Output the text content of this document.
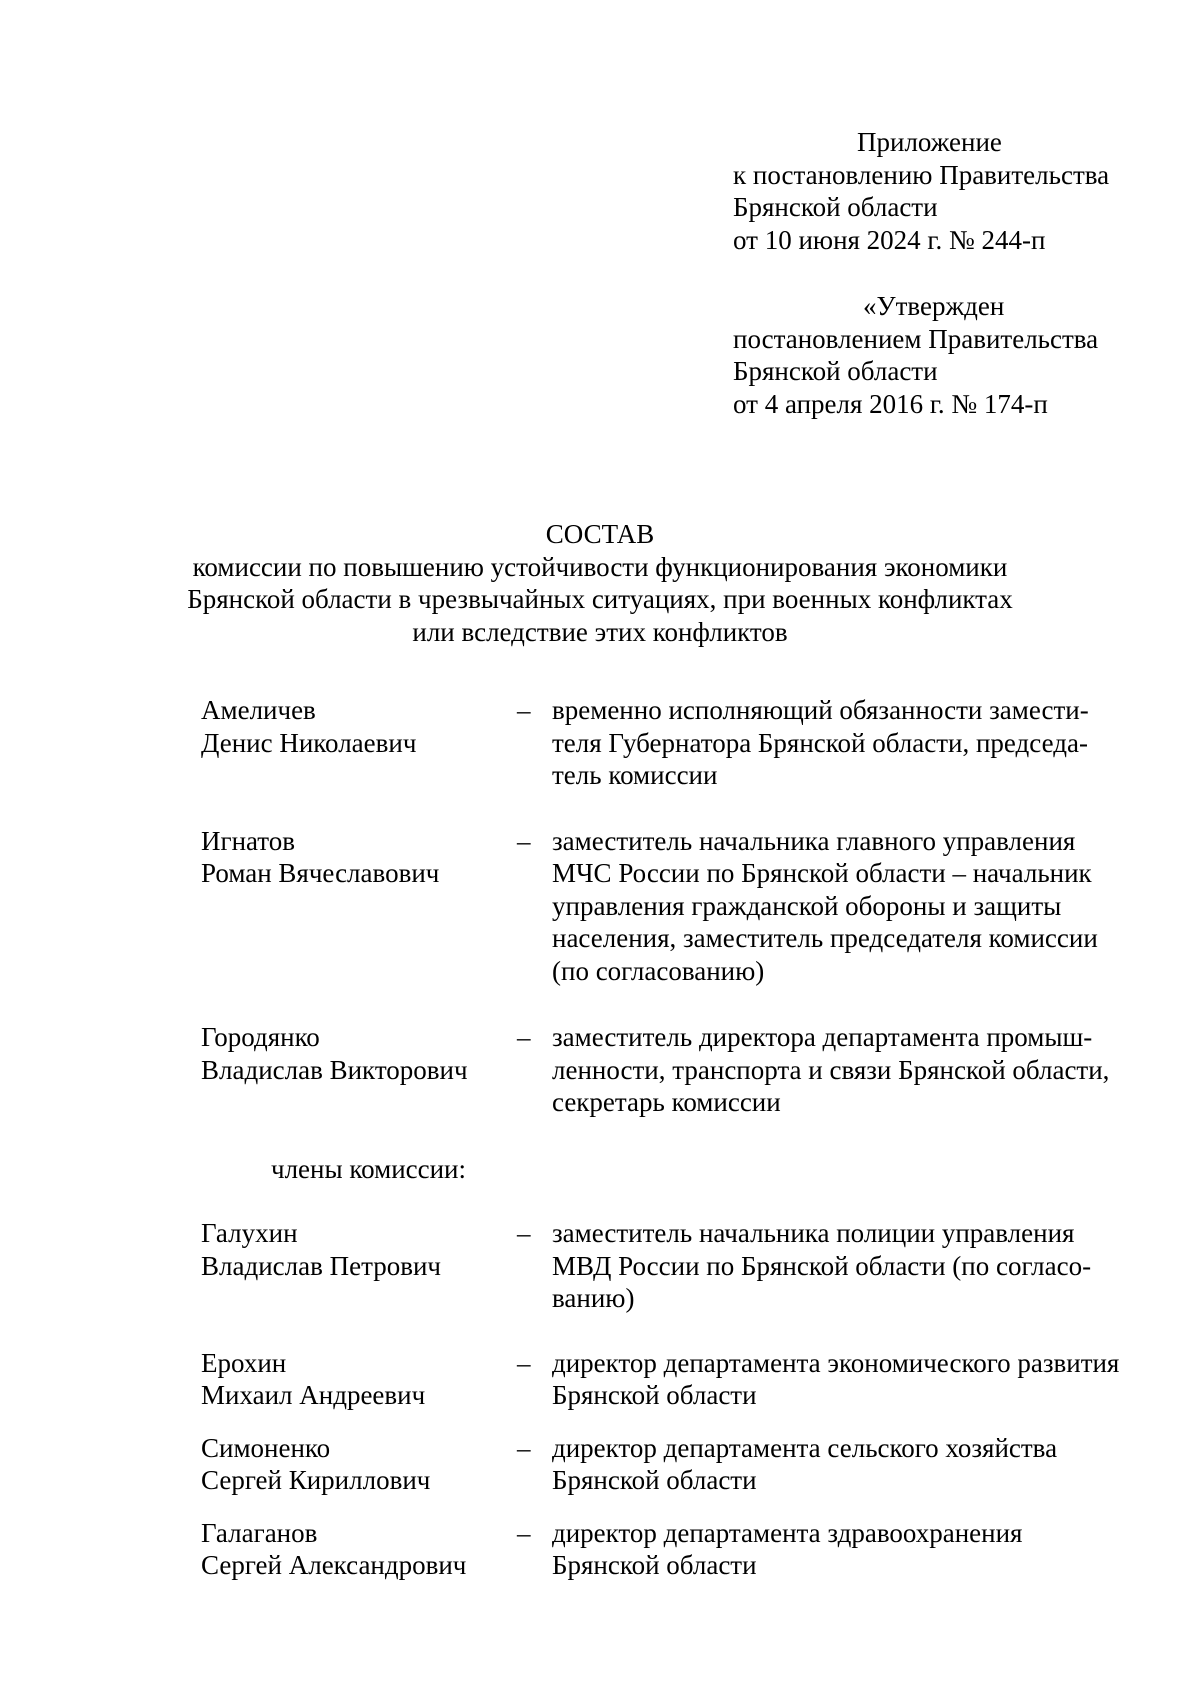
Приложение
к постановлению Правительства
Брянской области
от 10 июня 2024 г. № 244-п
«Утвержден
постановлением Правительства
Брянской области
от 4 апреля 2016 г. № 174-п
СОСТАВ
комиссии по повышению устойчивости функционирования экономики
Брянской области в чрезвычайных ситуациях, при военных конфликтах
или вследствие этих конфликтов
Амеличев
Денис Николаевич
– временно исполняющий обязанности замести-
теля Губернатора Брянской области, председа-
тель комиссии
Игнатов
Роман Вячеславович
– заместитель начальника главного управления
МЧС России по Брянской области – начальник
управления гражданской обороны и защиты
населения, заместитель председателя комиссии
(по согласованию)
Городянко
Владислав Викторович
– заместитель директора департамента промыш-
ленности, транспорта и связи Брянской области,
секретарь комиссии
члены комиссии:
Галухин
Владислав Петрович
– заместитель начальника полиции управления
МВД России по Брянской области (по согласо-
ванию)
Ерохин
Михаил Андреевич
– директор департамента экономического развития
Брянской области
Симоненко
Сергей Кириллович
– директор департамента сельского хозяйства
Брянской области
Галаганов
Сергей Александрович
– директор департамента здравоохранения
Брянской области
